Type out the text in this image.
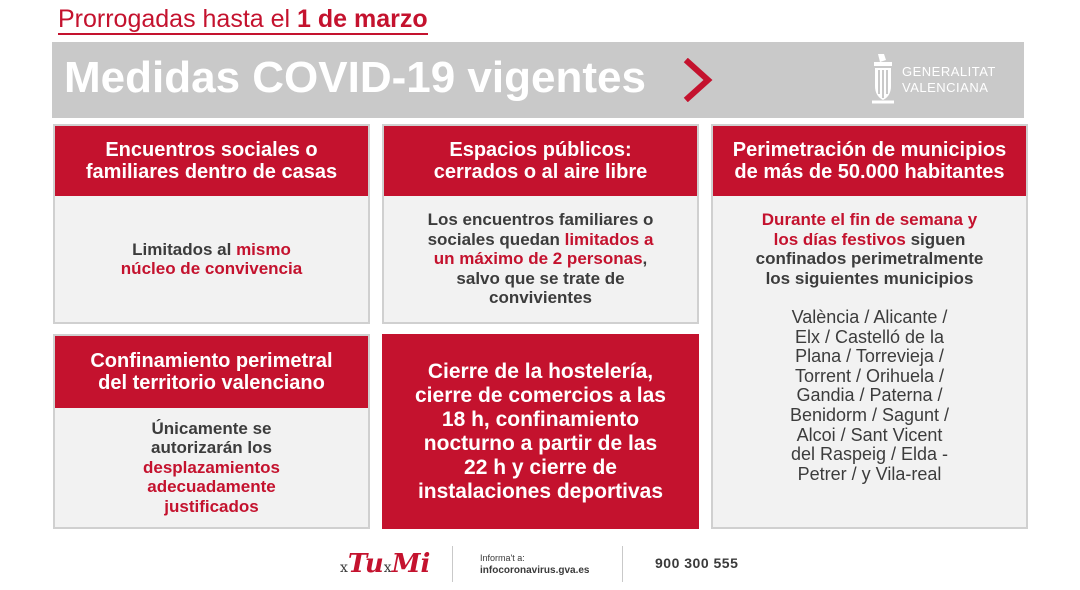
Prorrogadas hasta el 1 de marzo
Medidas COVID-19 vigentes	GENERALITAT
VALENCIANA
Encuentros sociales o
familiares dentro de casas
Limitados al mismo
núcleo de convivencia
Espacios públicos:
cerrados o al aire libre
Los encuentros familiares o
sociales quedan limitados a
un máximo de 2 personas,
salvo que se trate de
convivientes
Perimetración de municipios
de más de 50.000 habitantes
Durante el fin de semana y
los días festivos siguen
confinados perimetralmente
los siguientes municipios
València / Alicante /
Elx / Castelló de la
Plana / Torrevieja /
Torrent / Orihuela /
Gandia / Paterna /
Benidorm / Sagunt /
Alcoi / Sant Vicent
del Raspeig / Elda -
Petrer / y Vila-real
Confinamiento perimetral
del territorio valenciano
Únicamente se
autorizarán los
desplazamientos
adecuadamente
justificados
Cierre de la hostelería,
cierre de comercios a las
18 h, confinamiento
nocturno a partir de las
22 h y cierre de
instalaciones deportivas
xTuxMi	Informa't a:
infocoronavirus.gva.es	900 300 555
